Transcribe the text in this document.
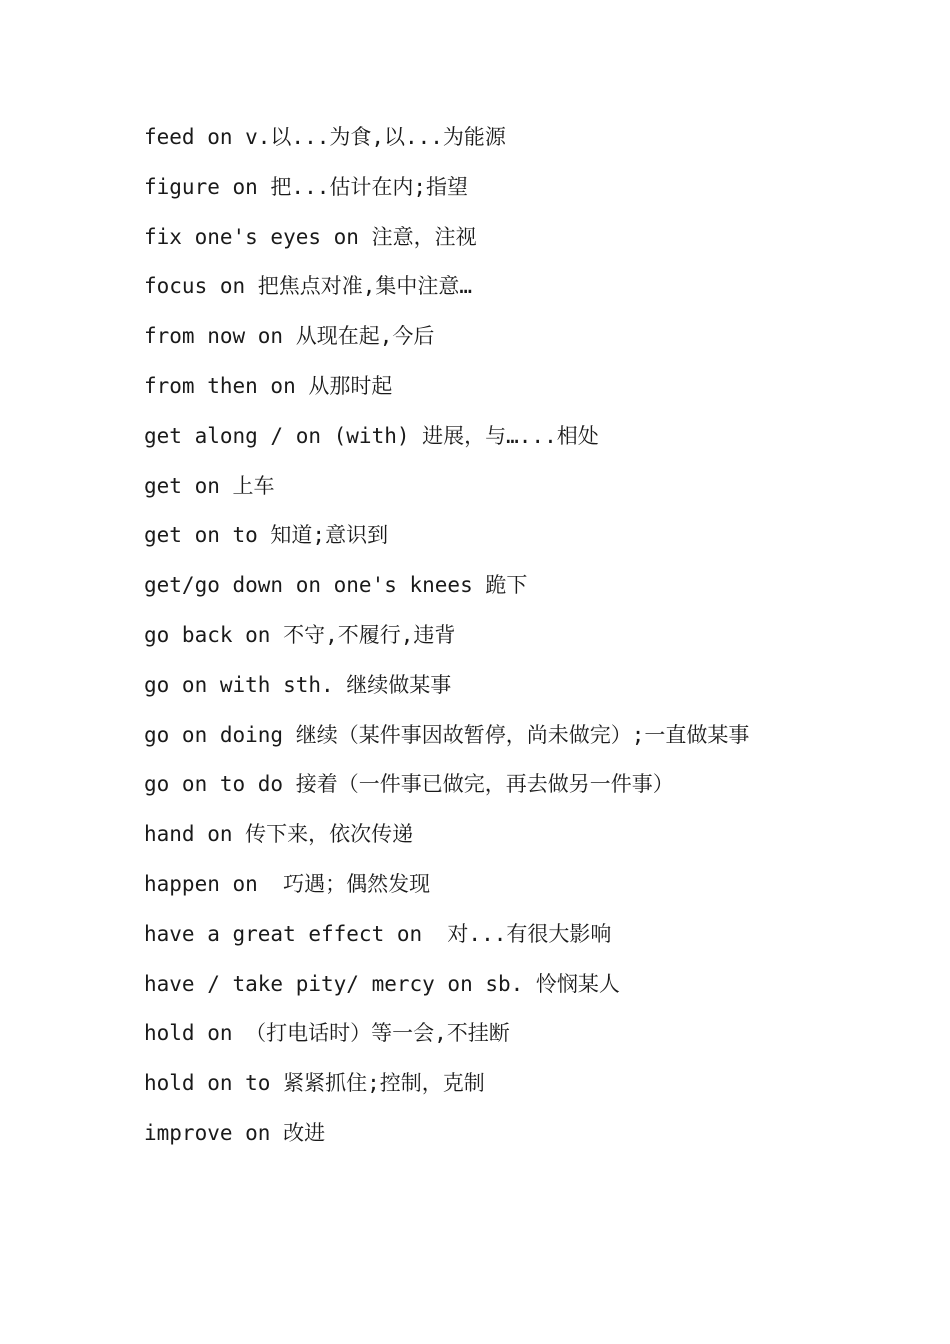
feed on v.以...为食,以...为能源
figure on 把...估计在内;指望
fix one's eyes on 注意，注视
focus on 把焦点对准,集中注意…
from now on 从现在起,今后
from then on 从那时起
get along / on (with) 进展，与…...相处
get on 上车
get on to 知道;意识到
get/go down on one's knees 跪下
go back on 不守,不履行,违背
go on with sth. 继续做某事
go on doing 继续（某件事因故暂停，尚未做完）;一直做某事
go on to do 接着（一件事已做完，再去做另一件事）
hand on 传下来，依次传递
happen on  巧遇；偶然发现
have a great effect on  对...有很大影响
have / take pity/ mercy on sb. 怜悯某人
hold on （打电话时）等一会,不挂断
hold on to 紧紧抓住;控制，克制
improve on 改进
